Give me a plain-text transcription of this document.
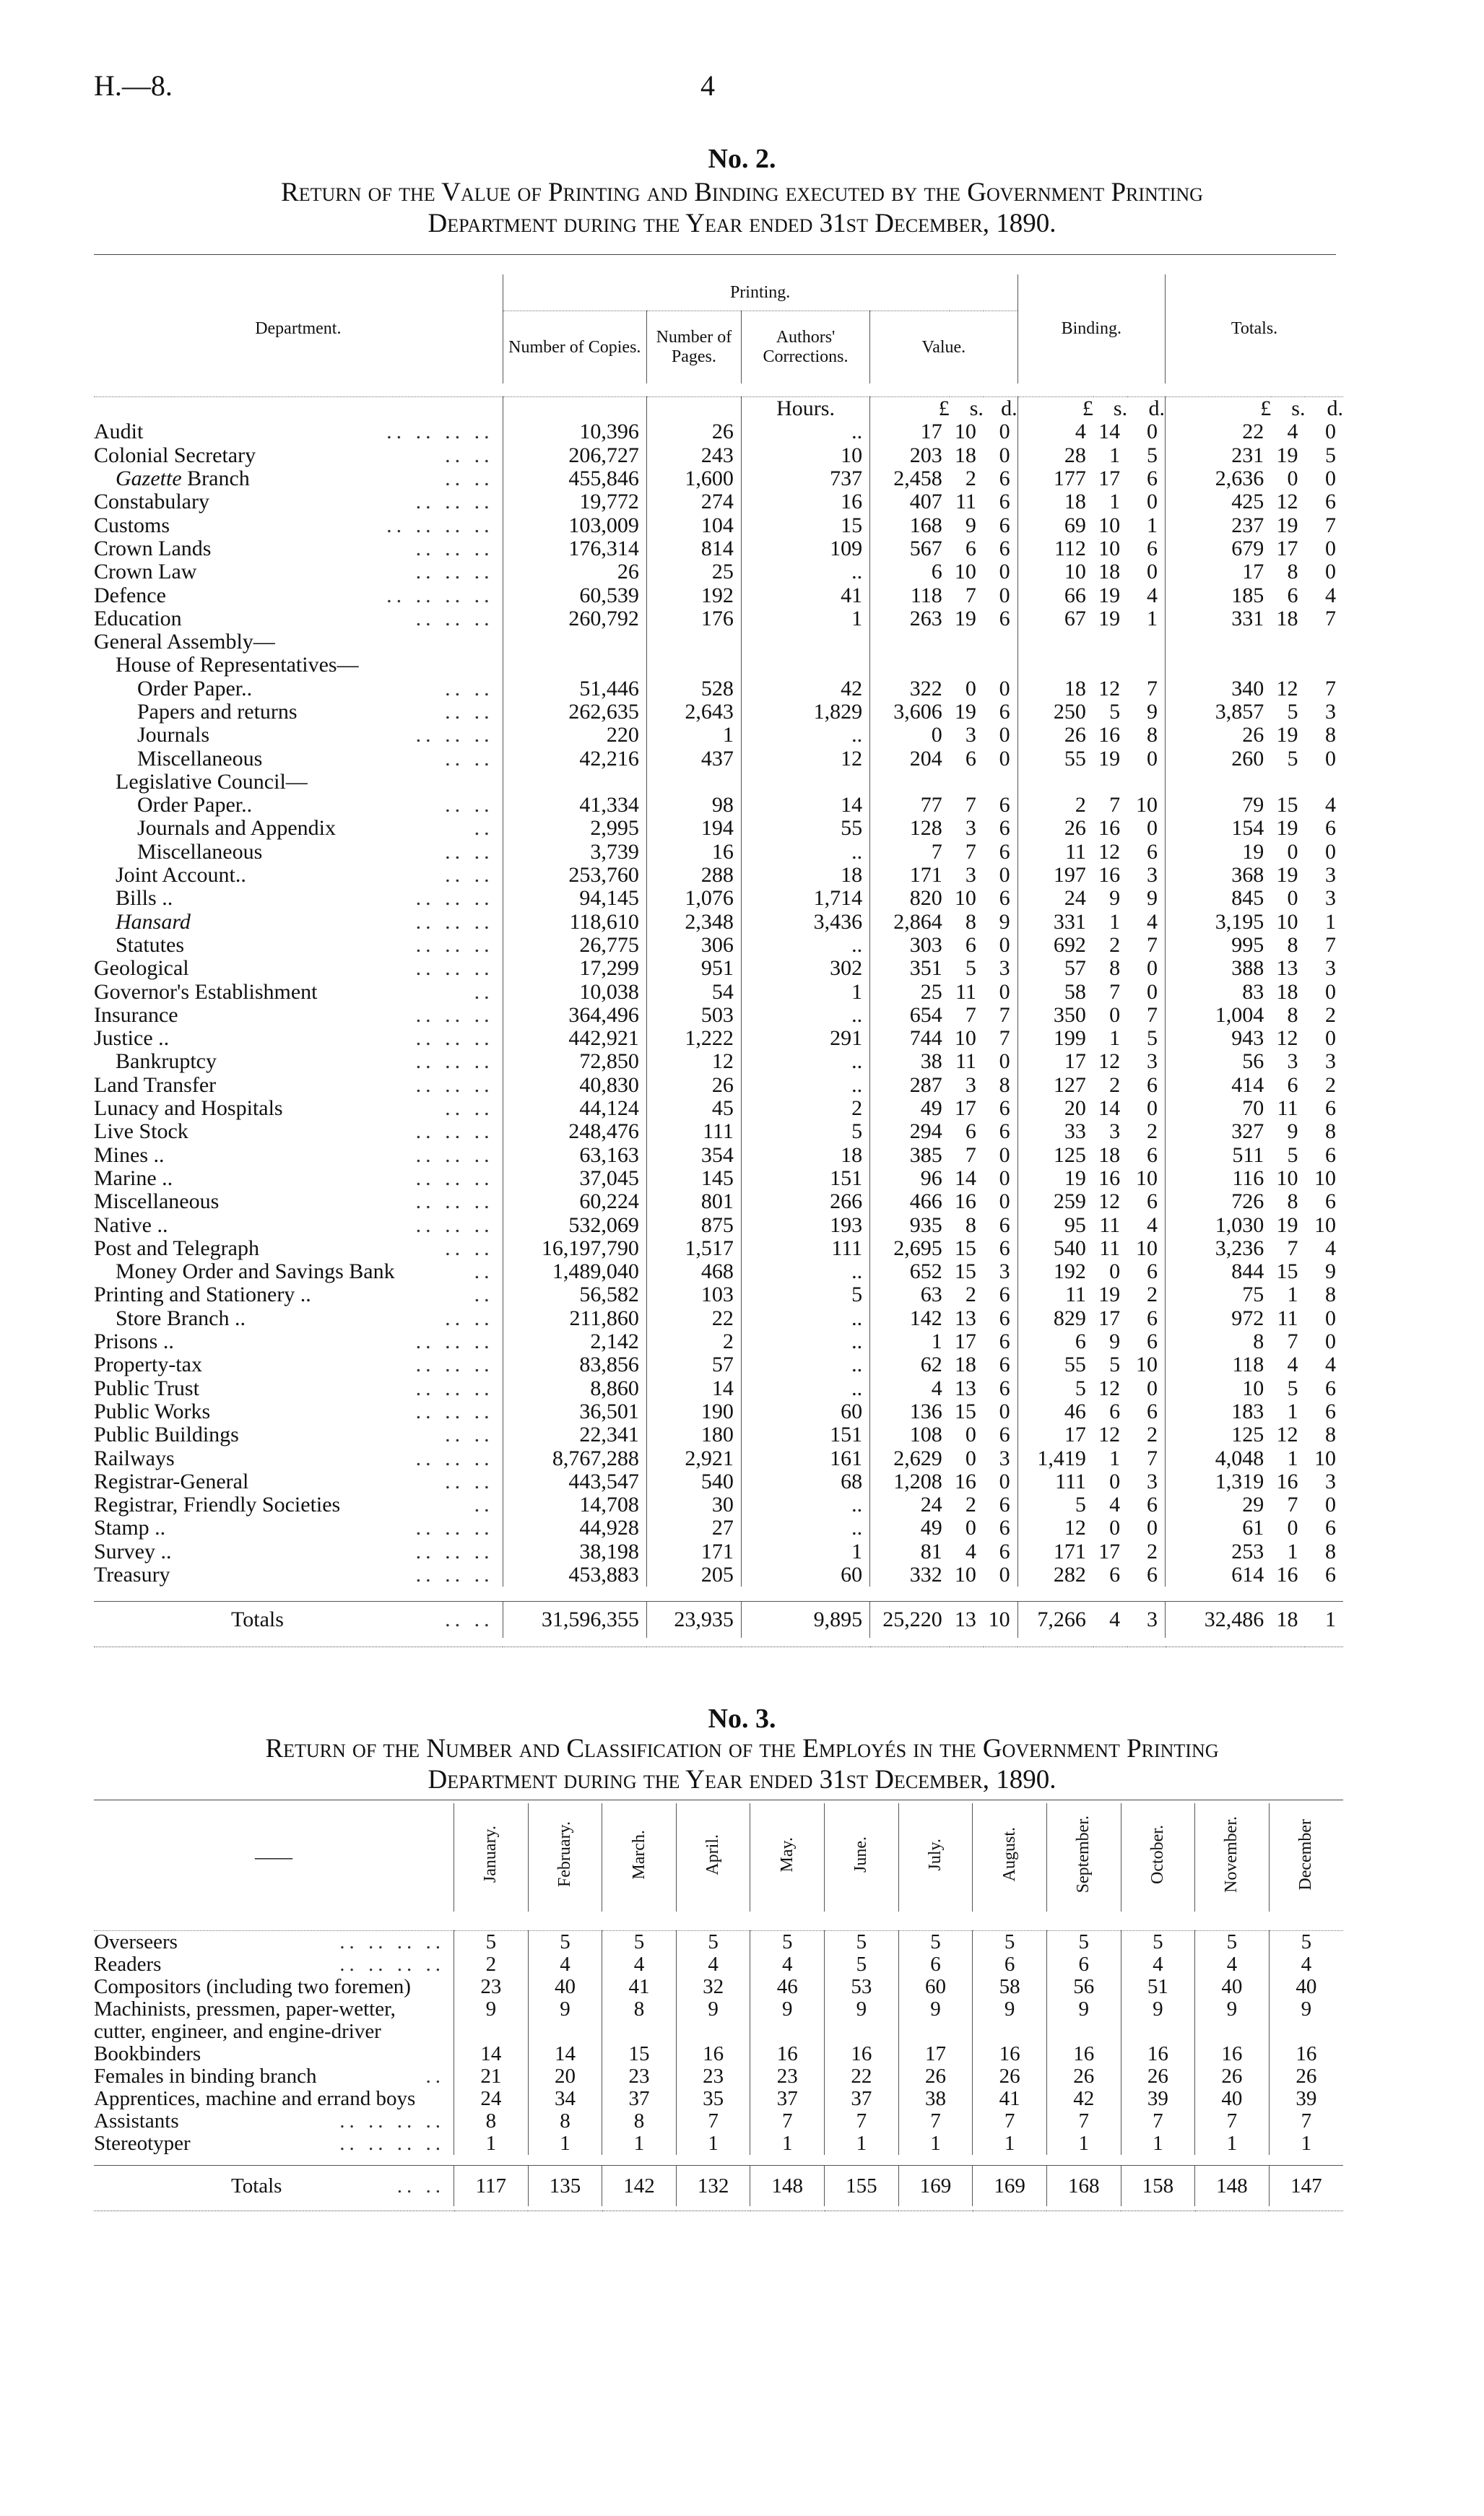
H.—8.	4
No. 2.
Return of the Value of Printing and Binding executed by the Government Printing
Department during the Year ended 31st December, 1890.
Department.	Printing.						Binding.			Totals.		
	Number of Copies.	Number of Pages.	Authors' Corrections.	Value.								

			Hours.	£	s.	d.	£	s.	d.	£	s.	d.
Audit .. .. .. ..	10,396	26	..	17	10	0	4	14	0	22	4	0
Colonial Secretary .. ..	206,727	243	10	203	18	0	28	1	5	231	19	5
Gazette Branch .. ..	455,846	1,600	737	2,458	2	6	177	17	6	2,636	0	0
Constabulary .. .. ..	19,772	274	16	407	11	6	18	1	0	425	12	6
Customs .. .. .. ..	103,009	104	15	168	9	6	69	10	1	237	19	7
Crown Lands .. .. ..	176,314	814	109	567	6	6	112	10	6	679	17	0
Crown Law .. .. ..	26	25	..	6	10	0	10	18	0	17	8	0
Defence .. .. .. ..	60,539	192	41	118	7	0	66	19	4	185	6	4
Education .. .. ..	260,792	176	1	263	19	6	67	19	1	331	18	7
General Assembly—

House of Representatives—

Order Paper.. .. ..	51,446	528	42	322	0	0	18	12	7	340	12	7
Papers and returns .. ..	262,635	2,643	1,829	3,606	19	6	250	5	9	3,857	5	3
Journals .. .. ..	220	1	..	0	3	0	26	16	8	26	19	8
Miscellaneous .. ..	42,216	437	12	204	6	0	55	19	0	260	5	0
Legislative Council—

Order Paper.. .. ..	41,334	98	14	77	7	6	2	7	10	79	15	4
Journals and Appendix ..	2,995	194	55	128	3	6	26	16	0	154	19	6
Miscellaneous .. ..	3,739	16	..	7	7	6	11	12	6	19	0	0
Joint Account.. .. ..	253,760	288	18	171	3	0	197	16	3	368	19	3
Bills .. .. .. ..	94,145	1,076	1,714	820	10	6	24	9	9	845	0	3
Hansard .. .. ..	118,610	2,348	3,436	2,864	8	9	331	1	4	3,195	10	1
Statutes .. .. ..	26,775	306	..	303	6	0	692	2	7	995	8	7
Geological .. .. ..	17,299	951	302	351	5	3	57	8	0	388	13	3
Governor's Establishment ..	10,038	54	1	25	11	0	58	7	0	83	18	0
Insurance .. .. ..	364,496	503	..	654	7	7	350	0	7	1,004	8	2
Justice .. .. .. ..	442,921	1,222	291	744	10	7	199	1	5	943	12	0
Bankruptcy .. .. ..	72,850	12	..	38	11	0	17	12	3	56	3	3
Land Transfer .. .. ..	40,830	26	..	287	3	8	127	2	6	414	6	2
Lunacy and Hospitals .. ..	44,124	45	2	49	17	6	20	14	0	70	11	6
Live Stock .. .. ..	248,476	111	5	294	6	6	33	3	2	327	9	8
Mines .. .. .. ..	63,163	354	18	385	7	0	125	18	6	511	5	6
Marine .. .. .. ..	37,045	145	151	96	14	0	19	16	10	116	10	10
Miscellaneous .. .. ..	60,224	801	266	466	16	0	259	12	6	726	8	6
Native .. .. .. ..	532,069	875	193	935	8	6	95	11	4	1,030	19	10
Post and Telegraph .. ..	16,197,790	1,517	111	2,695	15	6	540	11	10	3,236	7	4
Money Order and Savings Bank ..	1,489,040	468	..	652	15	3	192	0	6	844	15	9
Printing and Stationery .. ..	56,582	103	5	63	2	6	11	19	2	75	1	8
Store Branch .. .. ..	211,860	22	..	142	13	6	829	17	6	972	11	0
Prisons .. .. .. ..	2,142	2	..	1	17	6	6	9	6	8	7	0
Property-tax .. .. ..	83,856	57	..	62	18	6	55	5	10	118	4	4
Public Trust .. .. ..	8,860	14	..	4	13	6	5	12	0	10	5	6
Public Works .. .. ..	36,501	190	60	136	15	0	46	6	6	183	1	6
Public Buildings .. ..	22,341	180	151	108	0	6	17	12	2	125	12	8
Railways .. .. ..	8,767,288	2,921	161	2,629	0	3	1,419	1	7	4,048	1	10
Registrar-General .. ..	443,547	540	68	1,208	16	0	111	0	3	1,319	16	3
Registrar, Friendly Societies ..	14,708	30	..	24	2	6	5	4	6	29	7	0
Stamp .. .. .. ..	44,928	27	..	49	0	6	12	0	0	61	0	6
Survey .. .. .. ..	38,198	171	1	81	4	6	171	17	2	253	1	8
Treasury .. .. ..	453,883	205	60	332	10	0	282	6	6	614	16	6

Totals .. ..	31,596,355	23,935	9,895	25,220	13	10	7,266	4	3	32,486	18	1

No. 3.
Return of the Number and Classification of the Employés in the Government Printing
Department during the Year ended 31st December, 1890.

——	January.	February.	March.	April.	May.	June.	July.	August.	September.	October.	November.	December

Overseers .. .. .. ..	5	5	5	5	5	5	5	5	5	5	5	5
Readers .. .. .. ..	2	4	4	4	4	5	6	6	6	4	4	4
Compositors (including two foremen)	23	40	41	32	46	53	60	58	56	51	40	40
Machinists, pressmen, paper-wetter, cutter, engineer, and engine-driver	9	9	8	9	9	9	9	9	9	9	9	9
Bookbinders	14	14	15	16	16	16	17	16	16	16	16	16
Females in binding branch ..	21	20	23	23	23	22	26	26	26	26	26	26
Apprentices, machine and errand boys	24	34	37	35	37	37	38	41	42	39	40	39
Assistants .. .. .. ..	8	8	8	7	7	7	7	7	7	7	7	7
Stereotyper .. .. .. ..	1	1	1	1	1	1	1	1	1	1	1	1

Totals .. ..	117	135	142	132	148	155	169	169	168	158	148	147
